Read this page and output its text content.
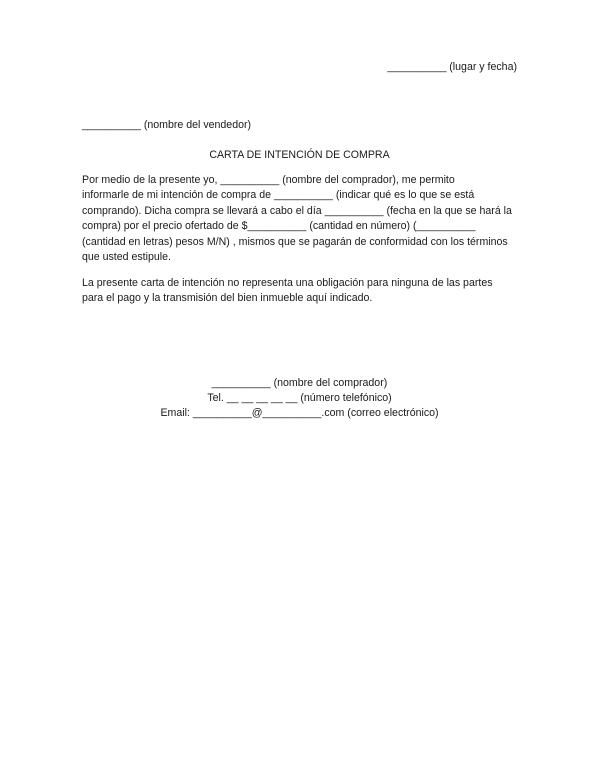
__________ (lugar y fecha)
__________ (nombre del vendedor)
CARTA DE INTENCIÓN DE COMPRA
Por medio de la presente yo, __________ (nombre del comprador), me permito
informarle de mi intención de compra de __________ (indicar qué es lo que se está
comprando). Dicha compra se llevará a cabo el día __________ (fecha en la que se hará la
compra) por el precio ofertado de $__________ (cantidad en número) (__________
(cantidad en letras) pesos M/N) , mismos que se pagarán de conformidad con los términos
que usted estipule.
La presente carta de intención no representa una obligación para ninguna de las partes
para el pago y la transmisión del bien inmueble aquí indicado.
__________ (nombre del comprador)
Tel. __ __ __ __ __ (número telefónico)
Email: __________@__________.com (correo electrónico)
